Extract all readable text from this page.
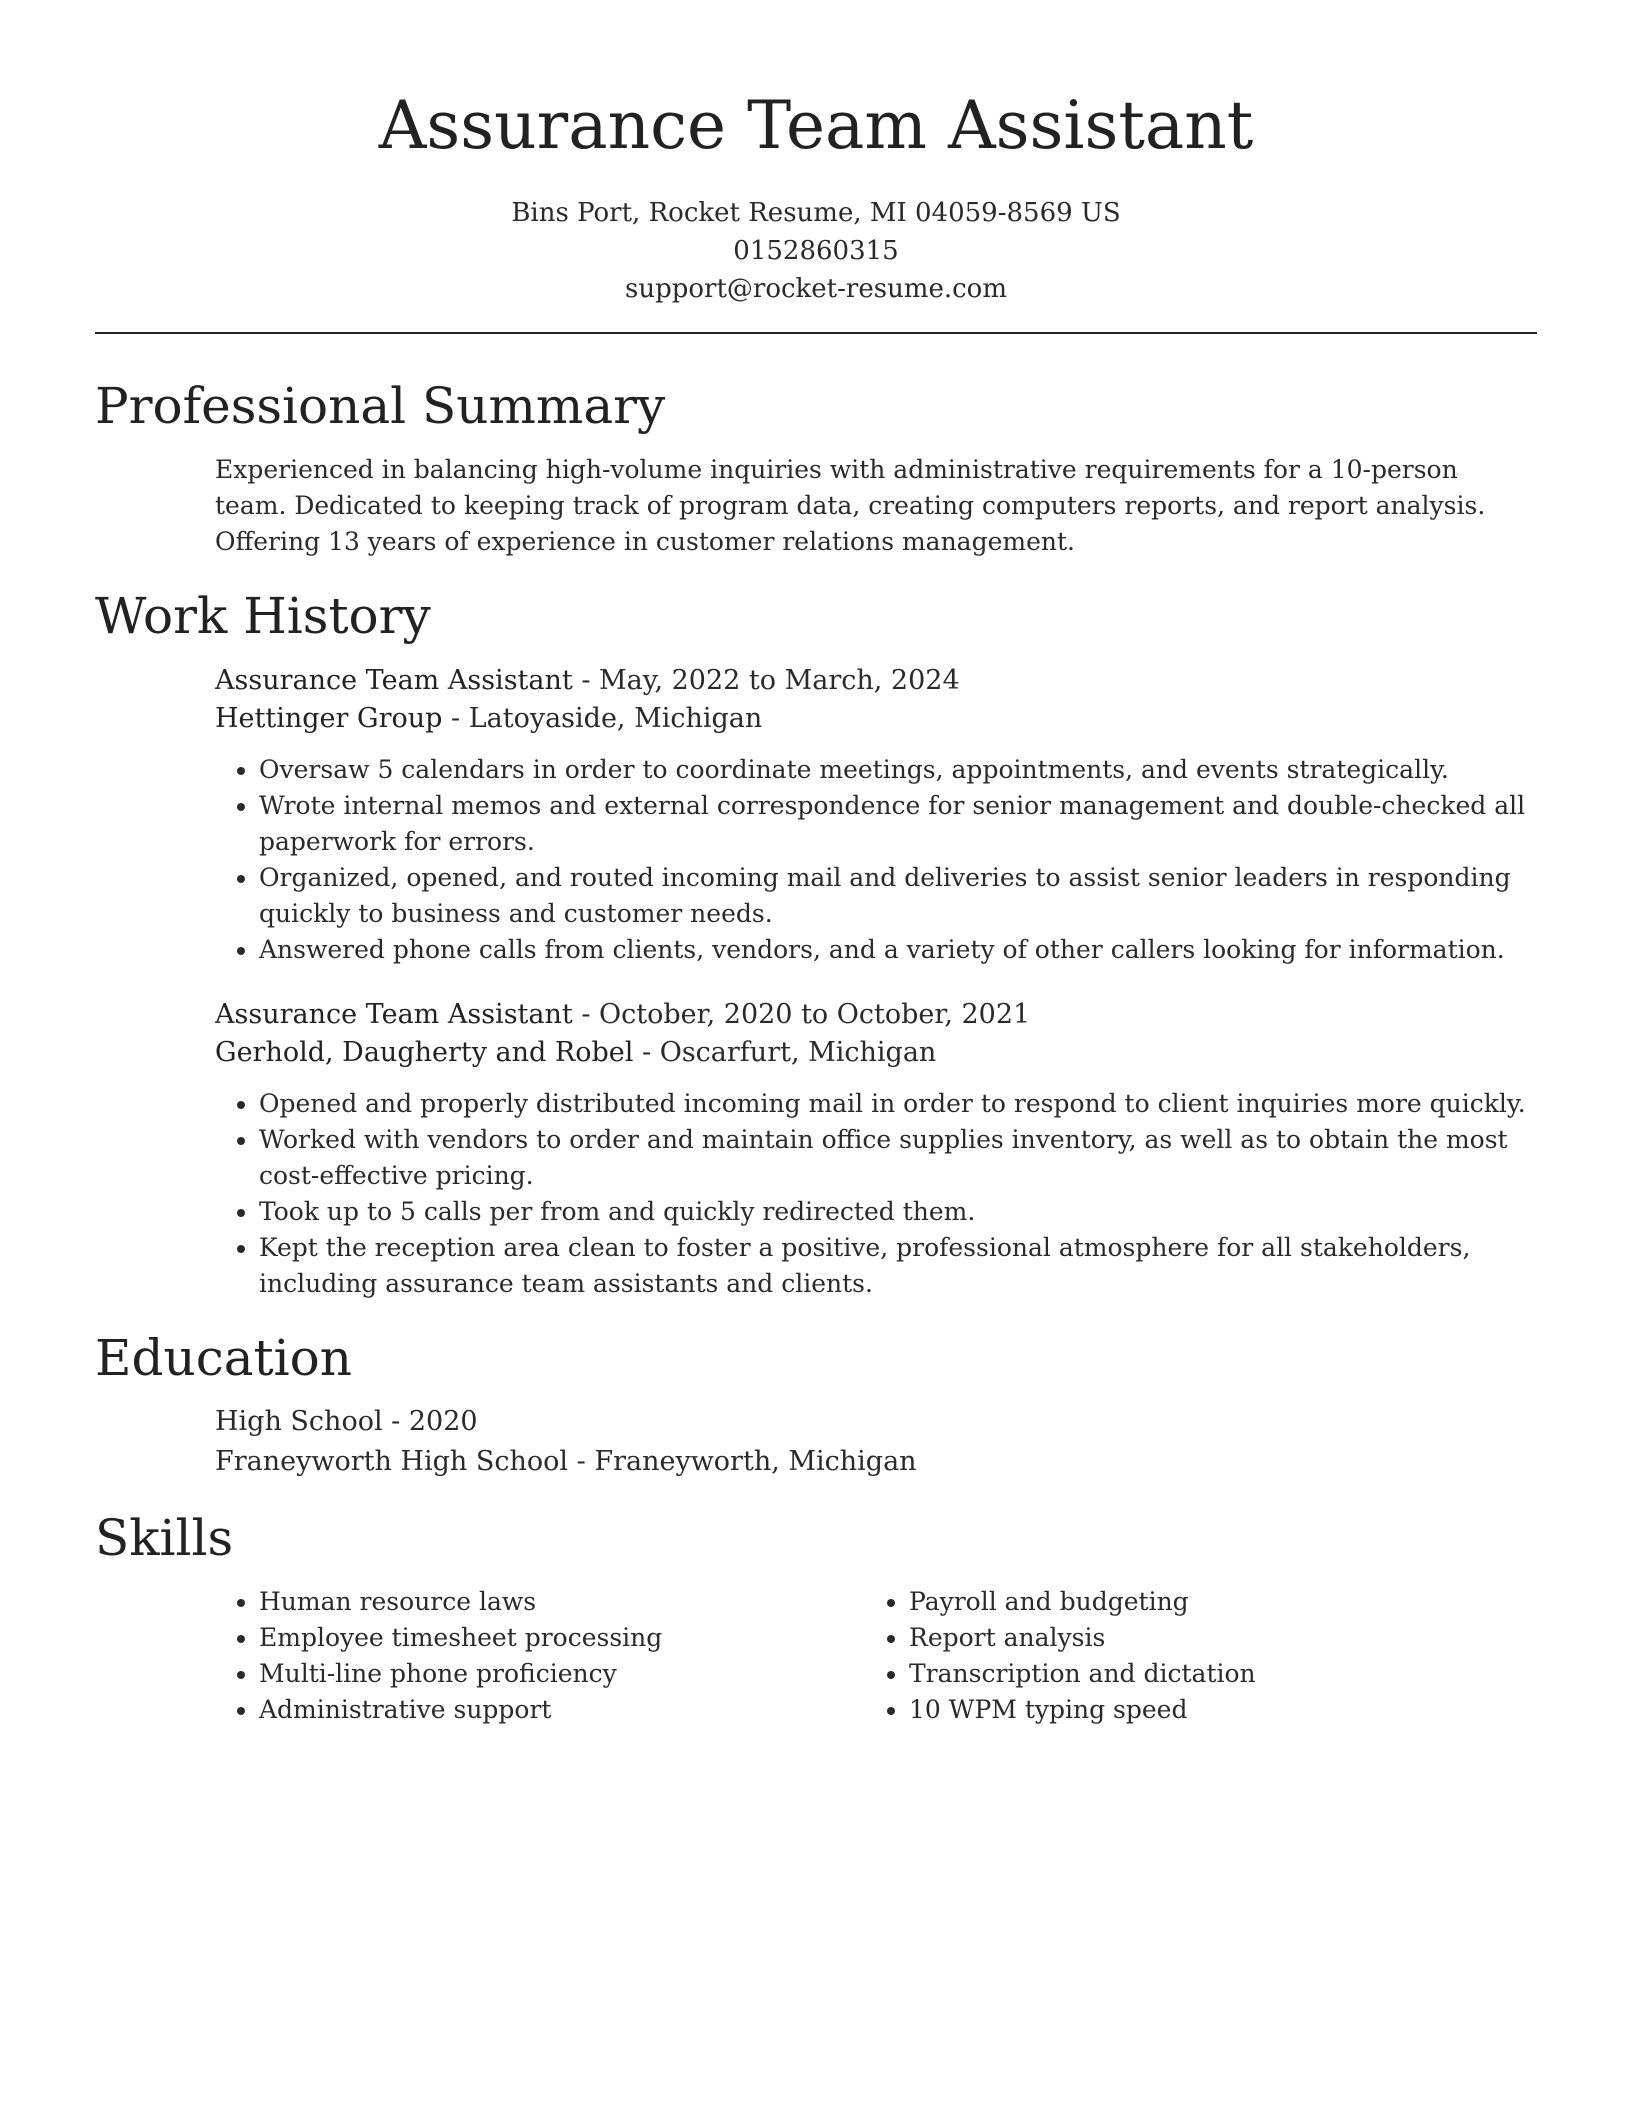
Assurance Team Assistant
Bins Port, Rocket Resume, MI 04059-8569 US
0152860315
support@rocket-resume.com
Professional Summary
Experienced in balancing high-volume inquiries with administrative requirements for a 10-person team. Dedicated to keeping track of program data, creating computers reports, and report analysis. Offering 13 years of experience in customer relations management.
Work History
Assurance Team Assistant - May, 2022 to March, 2024
Hettinger Group - Latoyaside, Michigan
• Oversaw 5 calendars in order to coordinate meetings, appointments, and events strategically.
• Wrote internal memos and external correspondence for senior management and double-checked all paperwork for errors.
• Organized, opened, and routed incoming mail and deliveries to assist senior leaders in responding quickly to business and customer needs.
• Answered phone calls from clients, vendors, and a variety of other callers looking for information.
Assurance Team Assistant - October, 2020 to October, 2021
Gerhold, Daugherty and Robel - Oscarfurt, Michigan
• Opened and properly distributed incoming mail in order to respond to client inquiries more quickly.
• Worked with vendors to order and maintain office supplies inventory, as well as to obtain the most cost-effective pricing.
• Took up to 5 calls per from and quickly redirected them.
• Kept the reception area clean to foster a positive, professional atmosphere for all stakeholders, including assurance team assistants and clients.
Education
High School - 2020
Franeyworth High School - Franeyworth, Michigan
Skills
• Human resource laws
• Employee timesheet processing
• Multi-line phone proficiency
• Administrative support
• Payroll and budgeting
• Report analysis
• Transcription and dictation
• 10 WPM typing speed
